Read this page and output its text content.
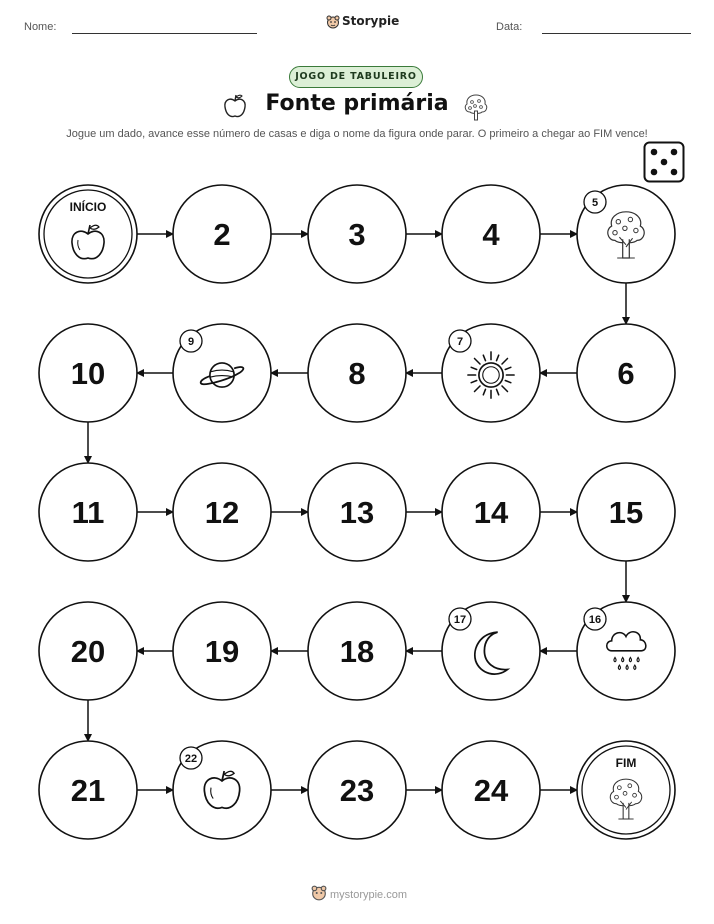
Nome:	Storypie	Data:
JOGO DE TABULEIRO
Fonte primária
Jogue um dado, avance esse número de casas e diga o nome da figura onde parar. O primeiro a chegar ao FIM vence!
INÍCIO
2	3	4
5
6
7
8
9
10
11	12	13	14	15
16
17
18
19
20
21
22
23	24
FIM
mystorypie.com
